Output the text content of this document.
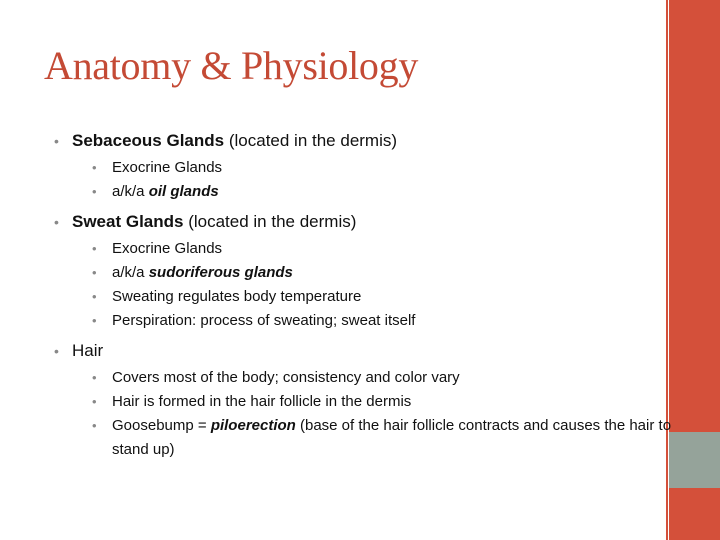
Anatomy & Physiology
• Sebaceous Glands (located in the dermis)
• Exocrine Glands
• a/k/a oil glands
• Sweat Glands (located in the dermis)
• Exocrine Glands
• a/k/a sudoriferous glands
• Sweating regulates body temperature
• Perspiration: process of sweating; sweat itself
• Hair
• Covers most of the body; consistency and color vary
• Hair is formed in the hair follicle in the dermis
• Goosebump = piloerection (base of the hair follicle contracts and causes the hair to stand up)
